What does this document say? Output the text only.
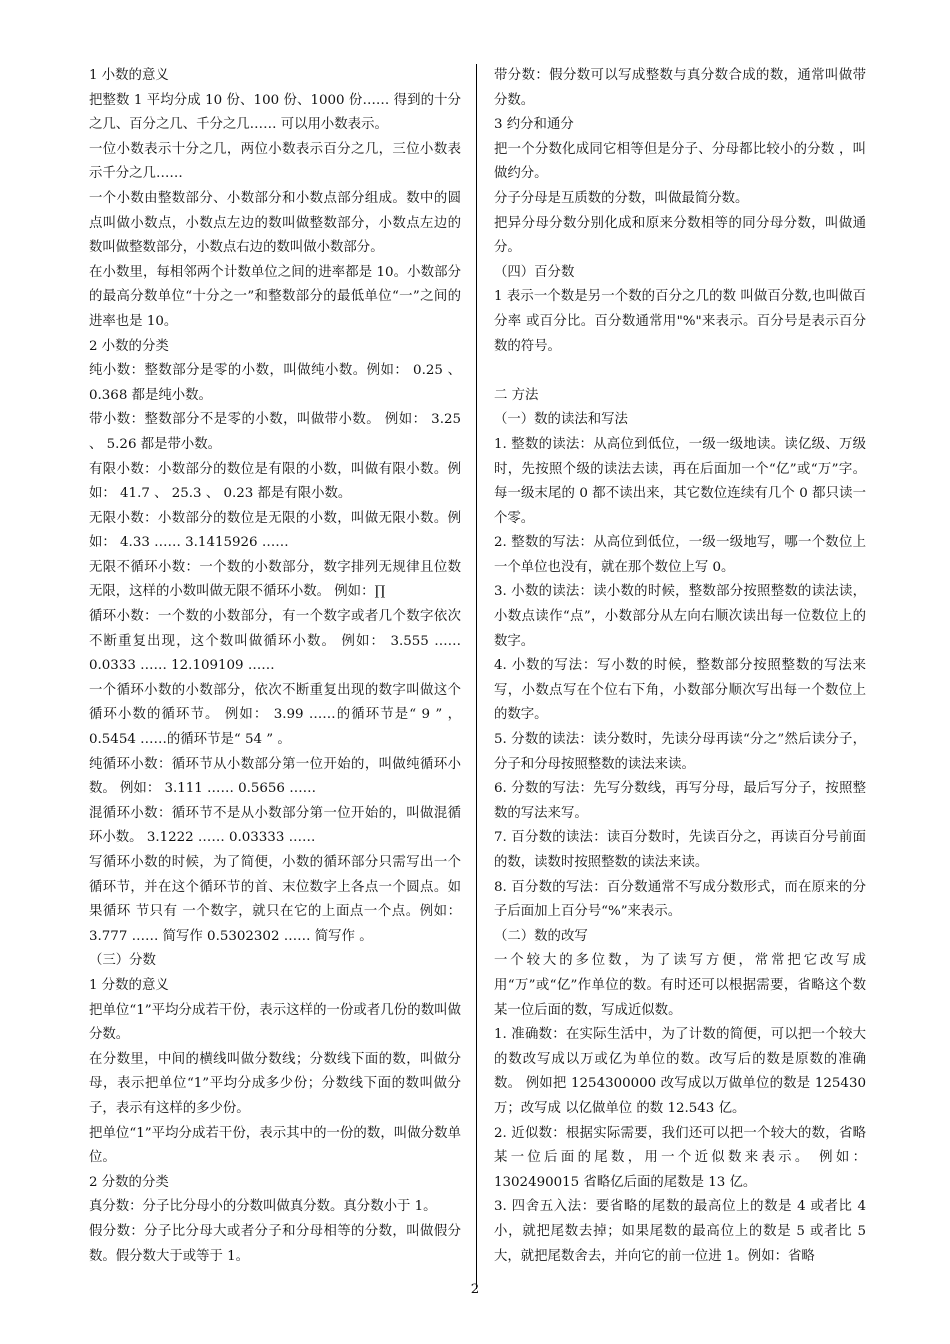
1 小数的意义
把整数 1 平均分成 10 份、100 份、1000 份…… 得到的十分之几、百分之几、千分之几…… 可以用小数表示。
一位小数表示十分之几，两位小数表示百分之几，三位小数表示千分之几……
一个小数由整数部分、小数部分和小数点部分组成。数中的圆点叫做小数点，小数点左边的数叫做整数部分，小数点左边的数叫做整数部分，小数点右边的数叫做小数部分。
在小数里，每相邻两个计数单位之间的进率都是 10。小数部分的最高分数单位“十分之一”和整数部分的最低单位“一”之间的进率也是 10。
2 小数的分类
纯小数：整数部分是零的小数，叫做纯小数。例如： 0.25 、0.368 都是纯小数。
带小数：整数部分不是零的小数，叫做带小数。 例如： 3.25 、 5.26 都是带小数。
有限小数：小数部分的数位是有限的小数，叫做有限小数。例如： 41.7 、 25.3 、 0.23 都是有限小数。
无限小数：小数部分的数位是无限的小数，叫做无限小数。例如： 4.33 …… 3.1415926 ……
无限不循环小数：一个数的小数部分，数字排列无规律且位数无限，这样的小数叫做无限不循环小数。 例如：∏
循环小数：一个数的小数部分，有一个数字或者几个数字依次不断重复出现，这个数叫做循环小数。 例如： 3.555 …… 0.0333 …… 12.109109 ……
一个循环小数的小数部分，依次不断重复出现的数字叫做这个循环小数的循环节。 例如： 3.99 ……的循环节是“ 9 ” ， 0.5454 ……的循环节是“ 54 ” 。
纯循环小数：循环节从小数部分第一位开始的，叫做纯循环小数。 例如： 3.111 …… 0.5656 ……
混循环小数：循环节不是从小数部分第一位开始的，叫做混循环小数。 3.1222 …… 0.03333 ……
写循环小数的时候，为了简便，小数的循环部分只需写出一个循环节，并在这个循环节的首、末位数字上各点一个圆点。如果循环 节只有 一个数字，就只在它的上面点一个点。例如： 3.777 …… 简写作 0.5302302 …… 简写作 。
（三）分数
1 分数的意义
把单位“1”平均分成若干份，表示这样的一份或者几份的数叫做分数。
在分数里，中间的横线叫做分数线；分数线下面的数，叫做分母，表示把单位“1”平均分成多少份；分数线下面的数叫做分子，表示有这样的多少份。
把单位“1”平均分成若干份，表示其中的一份的数，叫做分数单位。
2 分数的分类
真分数：分子比分母小的分数叫做真分数。真分数小于 1。
假分数：分子比分母大或者分子和分母相等的分数，叫做假分数。假分数大于或等于 1。
带分数：假分数可以写成整数与真分数合成的数，通常叫做带分数。
3 约分和通分
把一个分数化成同它相等但是分子、分母都比较小的分数 ，叫做约分。
分子分母是互质数的分数，叫做最简分数。
把异分母分数分别化成和原来分数相等的同分母分数，叫做通分。
（四）百分数
1 表示一个数是另一个数的百分之几的数 叫做百分数,也叫做百分率 或百分比。百分数通常用"%"来表示。百分号是表示百分数的符号。
二 方法
（一）数的读法和写法
1. 整数的读法：从高位到低位，一级一级地读。读亿级、万级时，先按照个级的读法去读，再在后面加一个“亿”或“万”字。每一级末尾的 0 都不读出来，其它数位连续有几个 0 都只读一个零。
2. 整数的写法：从高位到低位，一级一级地写，哪一个数位上一个单位也没有，就在那个数位上写 0。
3. 小数的读法：读小数的时候，整数部分按照整数的读法读，小数点读作“点”，小数部分从左向右顺次读出每一位数位上的数字。
4. 小数的写法：写小数的时候，整数部分按照整数的写法来写，小数点写在个位右下角，小数部分顺次写出每一个数位上的数字。
5. 分数的读法：读分数时，先读分母再读“分之”然后读分子，分子和分母按照整数的读法来读。
6. 分数的写法：先写分数线，再写分母，最后写分子，按照整数的写法来写。
7. 百分数的读法：读百分数时，先读百分之，再读百分号前面的数，读数时按照整数的读法来读。
8. 百分数的写法：百分数通常不写成分数形式，而在原来的分子后面加上百分号“%”来表示。
（二）数的改写
一个较大的多位数，为了读写方便，常常把它改写成用“万”或“亿”作单位的数。有时还可以根据需要，省略这个数某一位后面的数，写成近似数。
1. 准确数：在实际生活中，为了计数的简便，可以把一个较大的数改写成以万或亿为单位的数。改写后的数是原数的准确数。 例如把 1254300000 改写成以万做单位的数是 125430 万；改写成 以亿做单位 的数 12.543 亿。
2. 近似数：根据实际需要，我们还可以把一个较大的数，省略某一位后面的尾数，用一个近似数来表示。 例如：1302490015 省略亿后面的尾数是 13 亿。
3. 四舍五入法：要省略的尾数的最高位上的数是 4 或者比 4 小，就把尾数去掉；如果尾数的最高位上的数是 5 或者比 5 大，就把尾数舍去，并向它的前一位进 1。例如：省略
2
